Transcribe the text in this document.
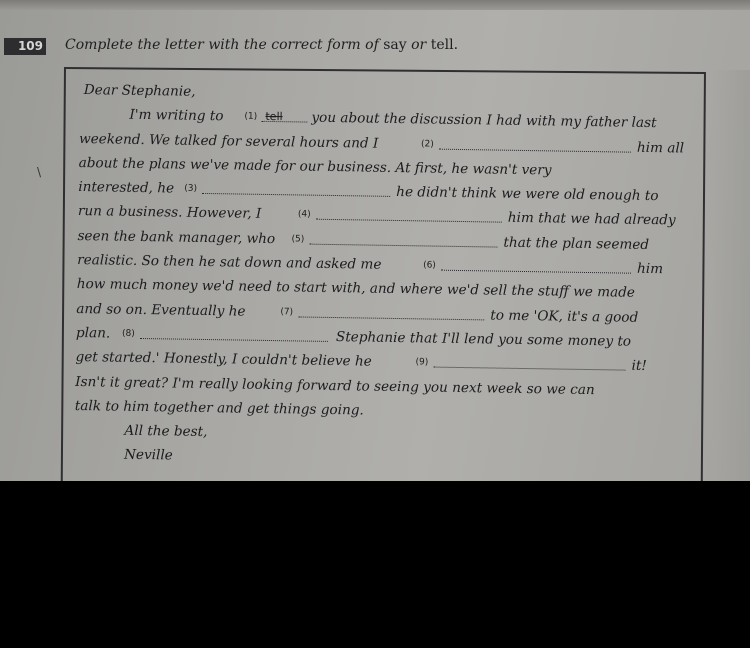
109 Complete the letter with the correct form of say or tell.
\
Dear Stephanie,
I'm writing to (1) tell you about the discussion I had with my father last
weekend. We talked for several hours and I	(2)	him all
about the plans we've made for our business. At first, he wasn't very
interested, he (3)	he didn't think we were old enough to
run a business. However, I	(4)	him that we had already
seen the bank manager, who (5)	that the plan seemed
realistic. So then he sat down and asked me	(6)	him
how much money we'd need to start with, and where we'd sell the stuff we made
and so on. Eventually he	(7)	to me 'OK, it's a good
plan. (8)	Stephanie that I'll lend you some money to
get started.' Honestly, I couldn't believe he	(9)	it!
Isn't it great? I'm really looking forward to seeing you next week so we can
talk to him together and get things going.
All the best,
Neville
